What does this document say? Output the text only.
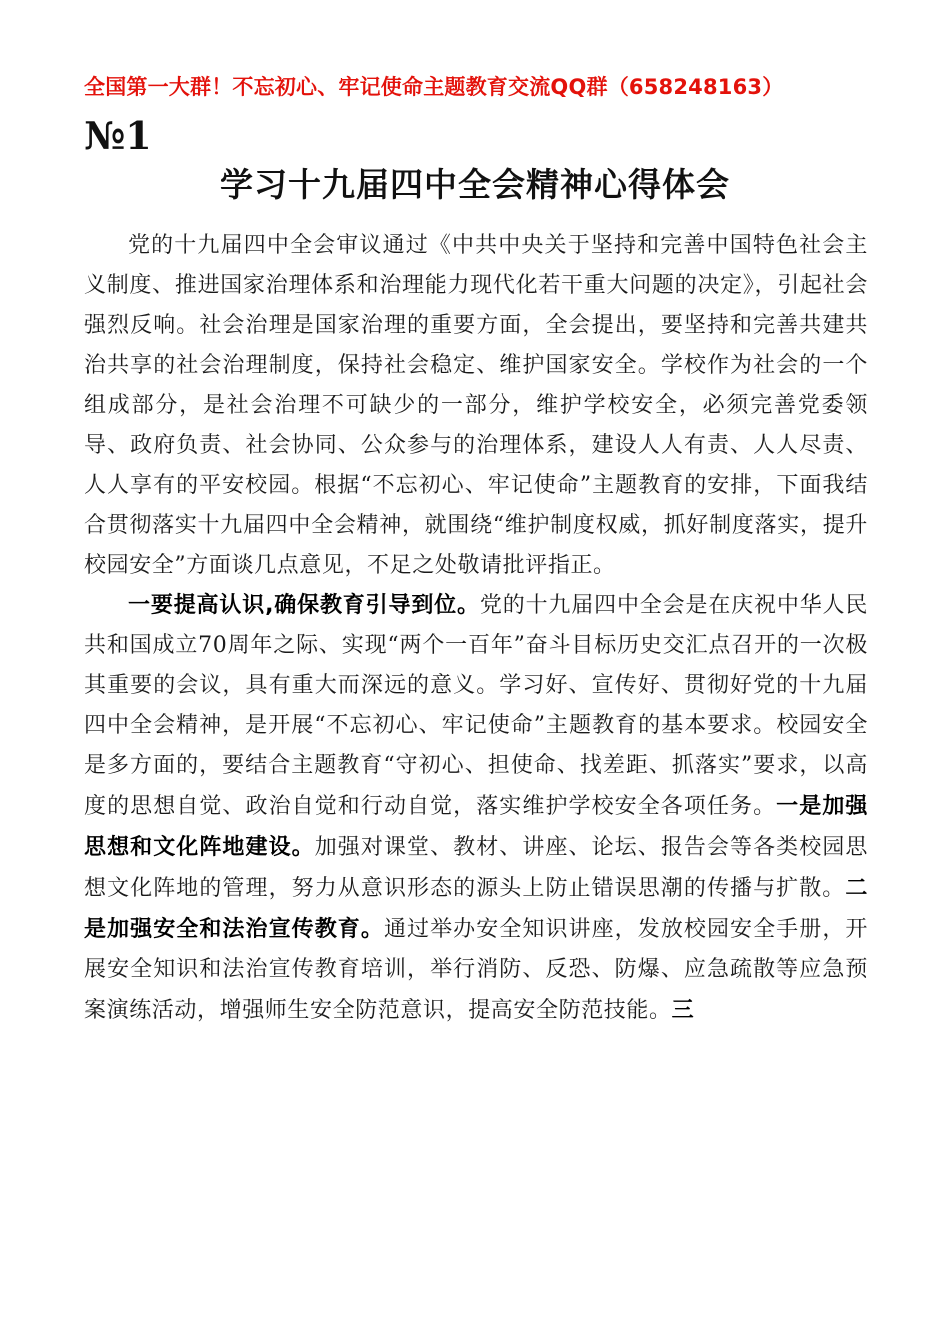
全国第一大群！不忘初心、牢记使命主题教育交流QQ群（658248163）
№1
学习十九届四中全会精神心得体会

党的十九届四中全会审议通过《中共中央关于坚持和完善中国特色社会主义制度、推进国家治理体系和治理能力现代化若干重大问题的决定》，引起社会强烈反响。社会治理是国家治理的重要方面，全会提出，要坚持和完善共建共治共享的社会治理制度，保持社会稳定、维护国家安全。学校作为社会的一个组成部分，是社会治理不可缺少的一部分，维护学校安全，必须完善党委领导、政府负责、社会协同、公众参与的治理体系，建设人人有责、人人尽责、人人享有的平安校园。根据“不忘初心、牢记使命”主题教育的安排，下面我结合贯彻落实十九届四中全会精神，就围绕“维护制度权威，抓好制度落实，提升校园安全”方面谈几点意见，不足之处敬请批评指正。

一要提高认识,确保教育引导到位。党的十九届四中全会是在庆祝中华人民共和国成立70周年之际、实现“两个一百年”奋斗目标历史交汇点召开的一次极其重要的会议，具有重大而深远的意义。学习好、宣传好、贯彻好党的十九届四中全会精神，是开展“不忘初心、牢记使命”主题教育的基本要求。校园安全是多方面的，要结合主题教育“守初心、担使命、找差距、抓落实”要求，以高度的思想自觉、政治自觉和行动自觉，落实维护学校安全各项任务。一是加强思想和文化阵地建设。加强对课堂、教材、讲座、论坛、报告会等各类校园思想文化阵地的管理，努力从意识形态的源头上防止错误思潮的传播与扩散。二是加强安全和法治宣传教育。通过举办安全知识讲座，发放校园安全手册，开展安全知识和法治宣传教育培训，举行消防、反恐、防爆、应急疏散等应急预案演练活动，增强师生安全防范意识，提高安全防范技能。三
